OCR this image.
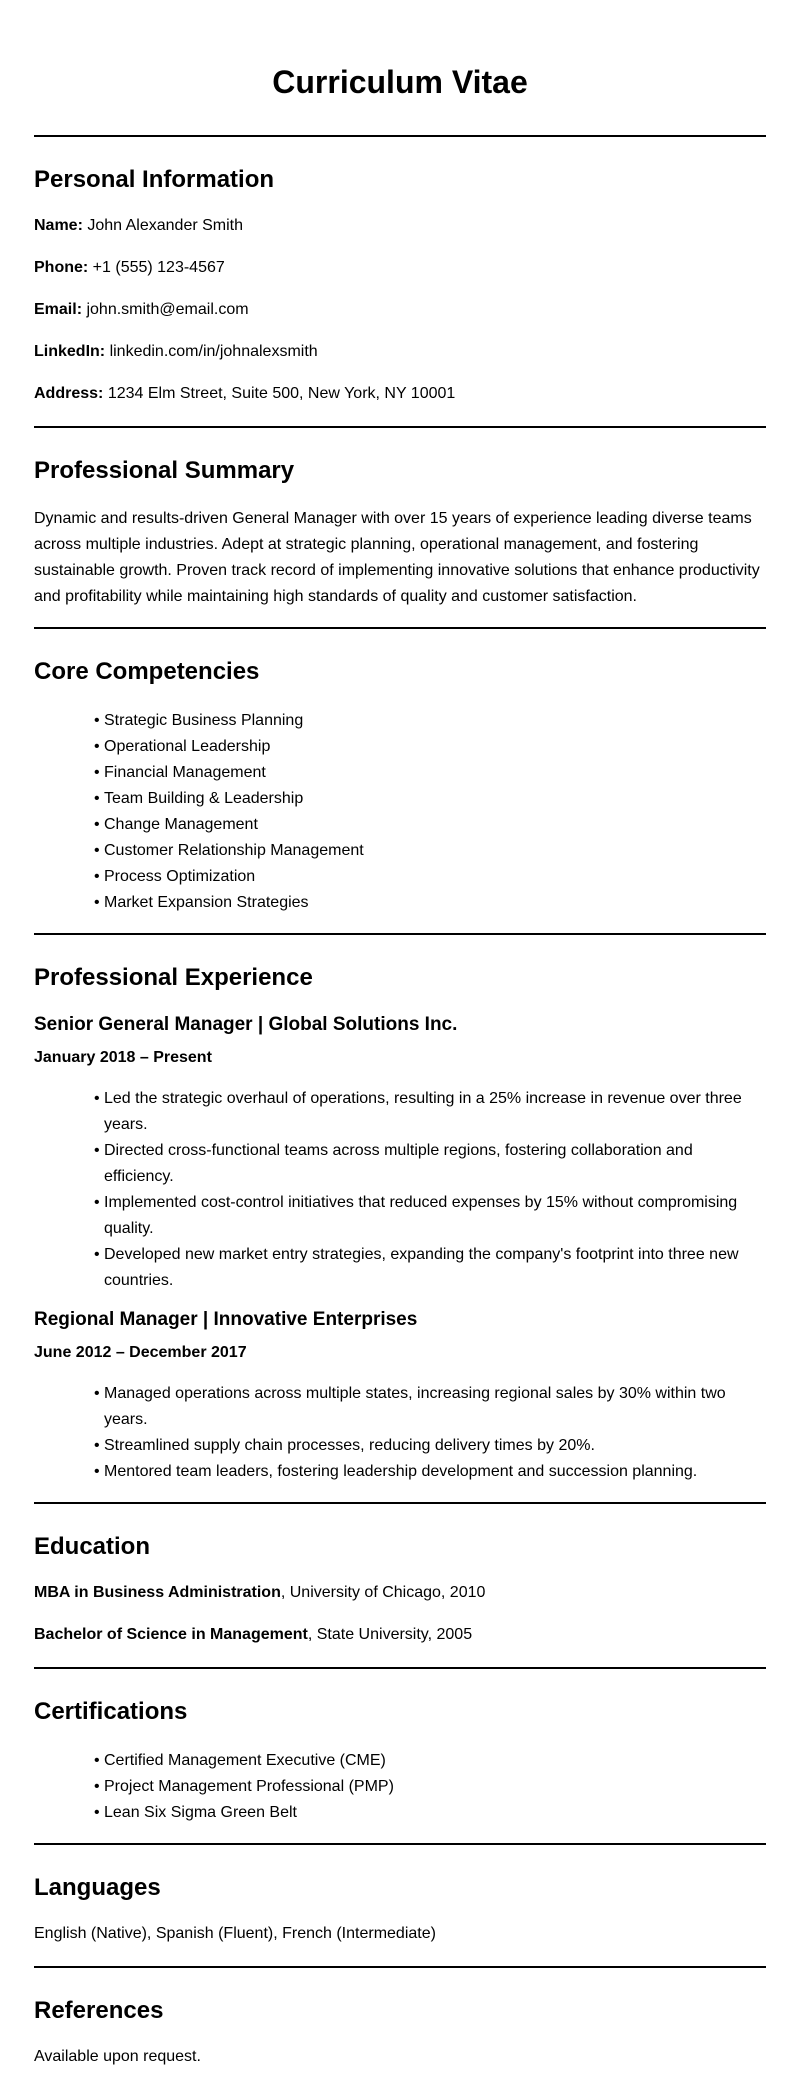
Curriculum Vitae
Personal Information

Name: John Alexander Smith

Phone: +1 (555) 123-4567

Email: john.smith@email.com

LinkedIn: linkedin.com/in/johnalexsmith

Address: 1234 Elm Street, Suite 500, New York, NY 10001

Professional Summary

Dynamic and results-driven General Manager with over 15 years of experience leading diverse teams across multiple industries. Adept at strategic planning, operational management, and fostering sustainable growth. Proven track record of implementing innovative solutions that enhance productivity and profitability while maintaining high standards of quality and customer satisfaction.

Core Competencies
• Strategic Business Planning
• Operational Leadership
• Financial Management
• Team Building & Leadership
• Change Management
• Customer Relationship Management
• Process Optimization
• Market Expansion Strategies
Professional Experience
Senior General Manager | Global Solutions Inc.

January 2018 – Present

• Led the strategic overhaul of operations, resulting in a 25% increase in revenue over three years.
• Directed cross-functional teams across multiple regions, fostering collaboration and efficiency.
• Implemented cost-control initiatives that reduced expenses by 15% without compromising quality.
• Developed new market entry strategies, expanding the company's footprint into three new countries.
Regional Manager | Innovative Enterprises

June 2012 – December 2017

• Managed operations across multiple states, increasing regional sales by 30% within two years.
• Streamlined supply chain processes, reducing delivery times by 20%.
• Mentored team leaders, fostering leadership development and succession planning.
Education

MBA in Business Administration, University of Chicago, 2010

Bachelor of Science in Management, State University, 2005

Certifications
• Certified Management Executive (CME)
• Project Management Professional (PMP)
• Lean Six Sigma Green Belt
Languages

English (Native), Spanish (Fluent), French (Intermediate)

References

Available upon request.
